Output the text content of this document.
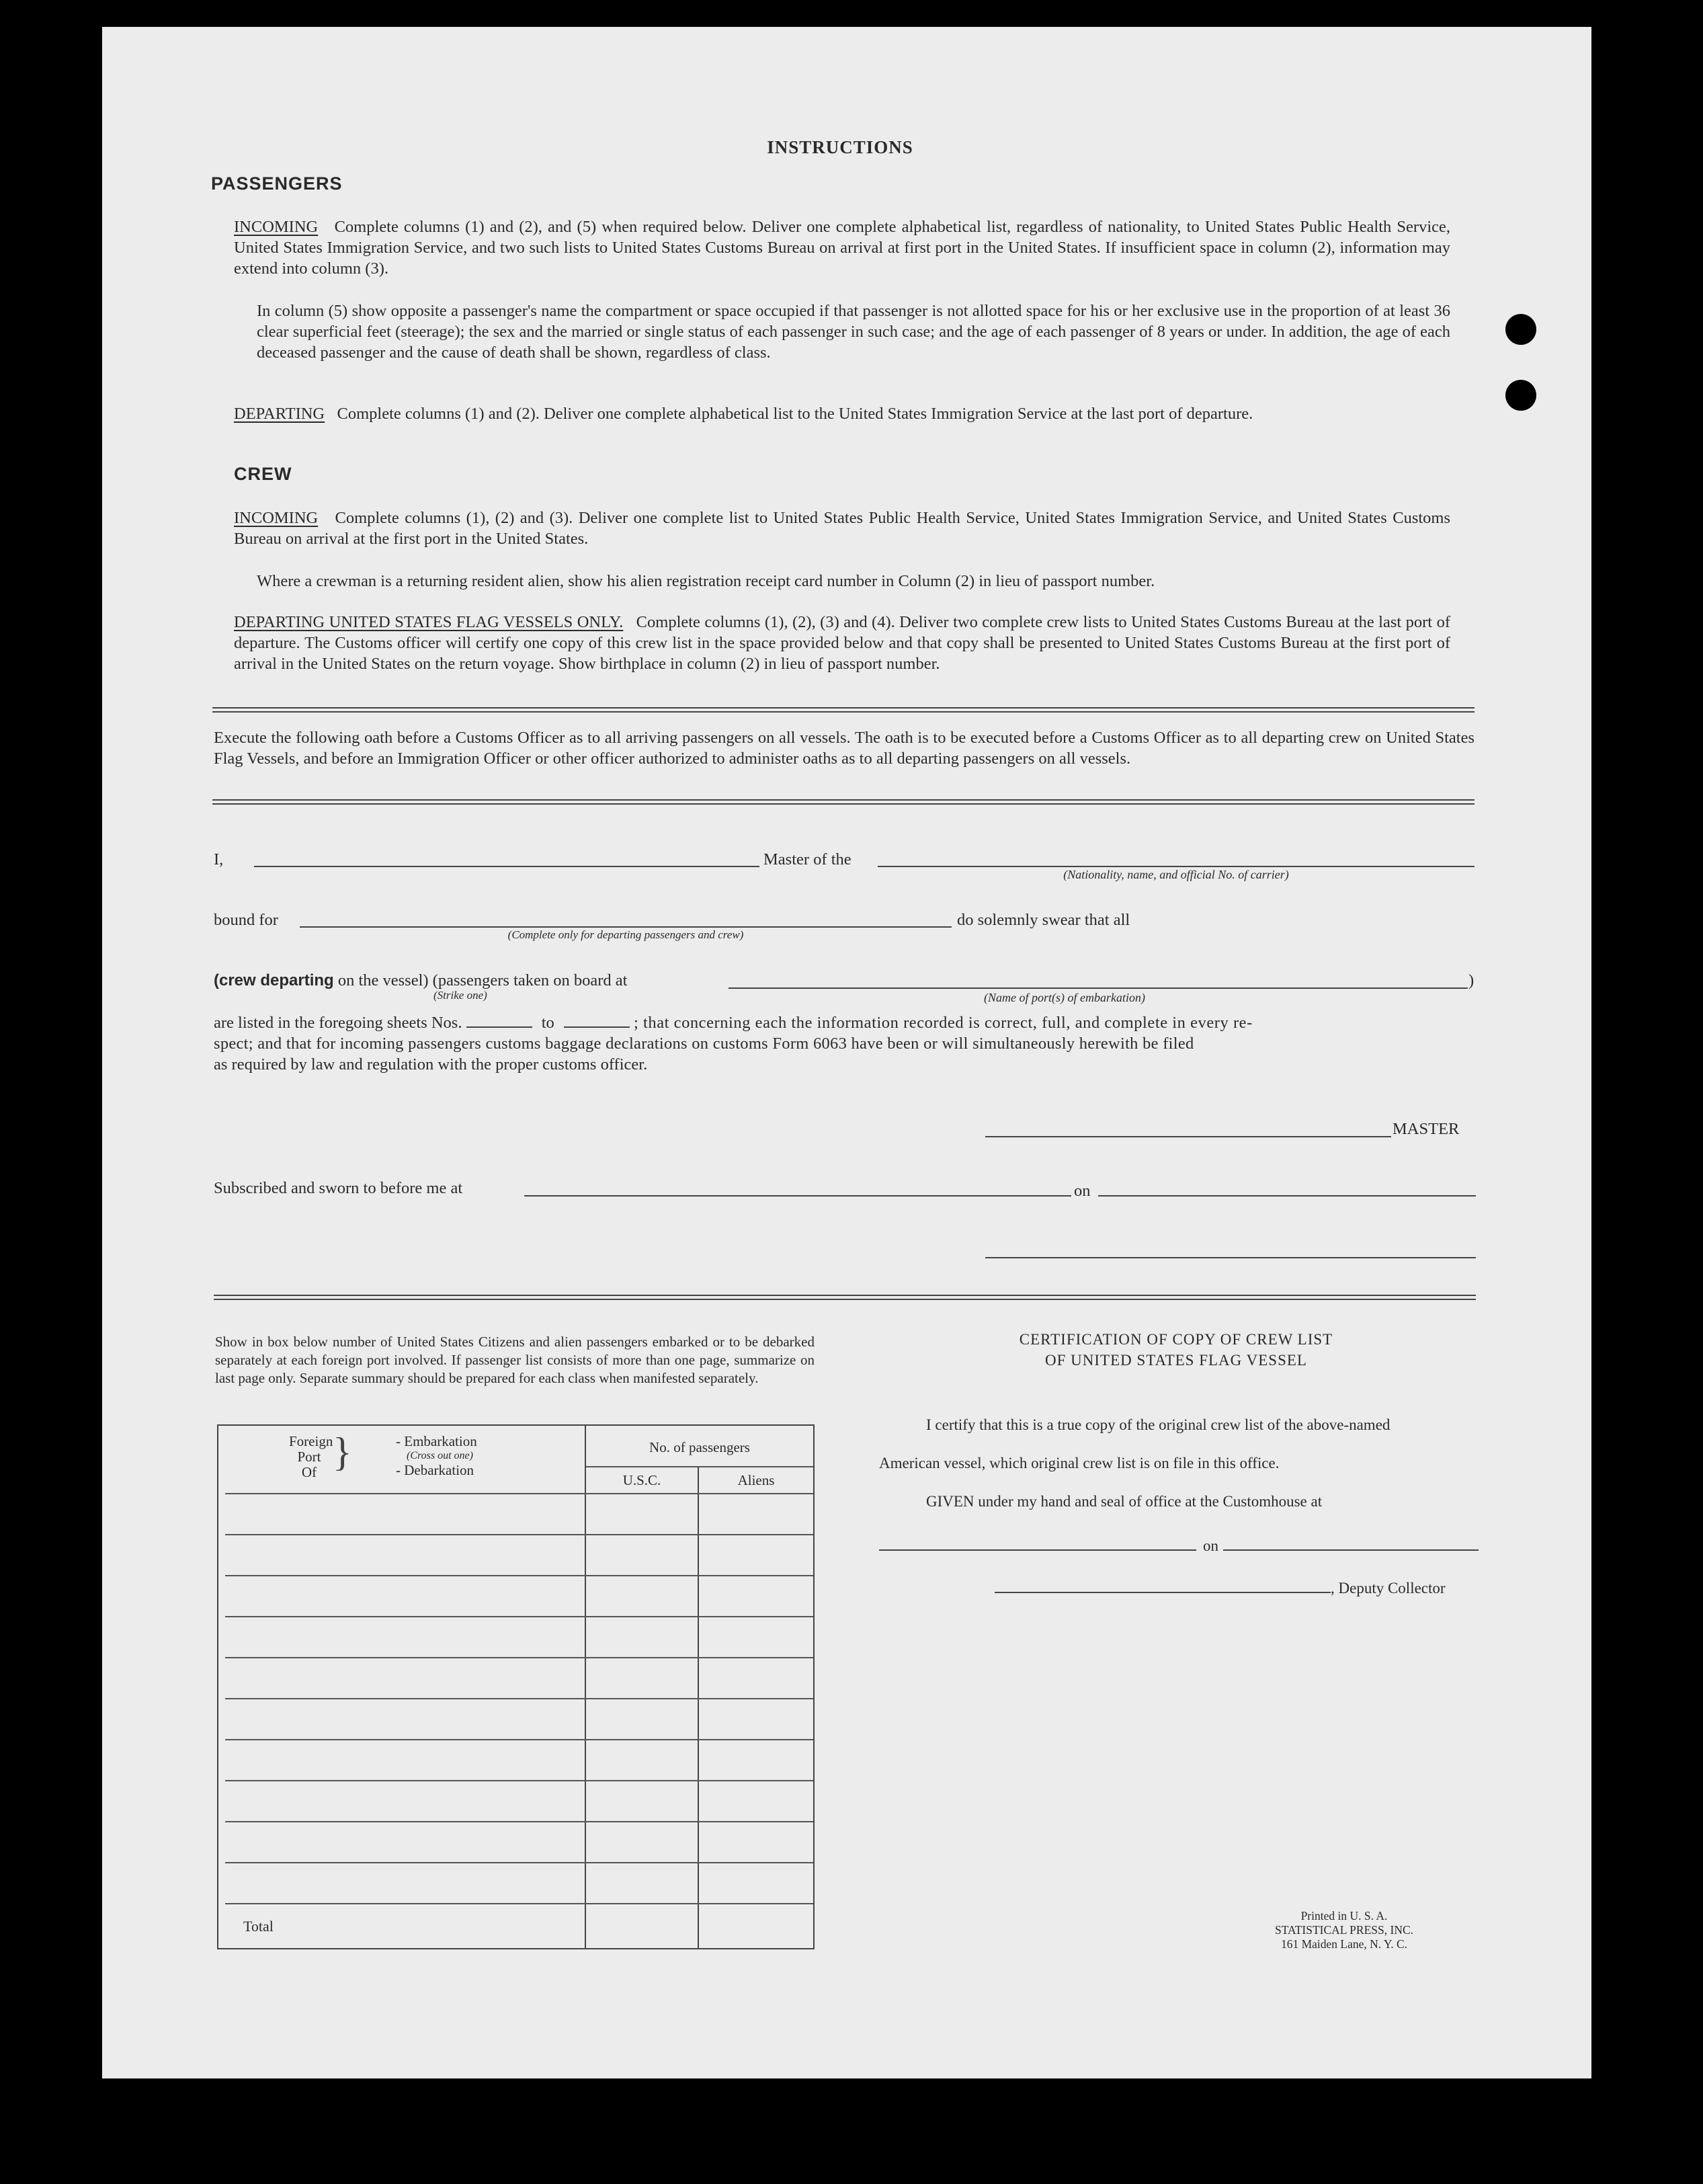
INSTRUCTIONS
PASSENGERS
INCOMING Complete columns (1) and (2), and (5) when required below. Deliver one complete alphabetical list, regardless of nationality, to United States Public Health Service, United States Immigration Service, and two such lists to United States Customs Bureau on arrival at first port in the United States. If insufficient space in column (2), information may extend into column (3).
In column (5) show opposite a passenger's name the compartment or space occupied if that passenger is not allotted space for his or her exclusive use in the proportion of at least 36 clear superficial feet (steerage); the sex and the married or single status of each passenger in such case; and the age of each passenger of 8 years or under. In addition, the age of each deceased passenger and the cause of death shall be shown, regardless of class.
DEPARTING Complete columns (1) and (2). Deliver one complete alphabetical list to the United States Immigration Service at the last port of departure.
CREW
INCOMING Complete columns (1), (2) and (3). Deliver one complete list to United States Public Health Service, United States Immigration Service, and United States Customs Bureau on arrival at the first port in the United States.
Where a crewman is a returning resident alien, show his alien registration receipt card number in Column (2) in lieu of passport number.
DEPARTING UNITED STATES FLAG VESSELS ONLY. Complete columns (1), (2), (3) and (4). Deliver two complete crew lists to United States Customs Bureau at the last port of departure. The Customs officer will certify one copy of this crew list in the space provided below and that copy shall be presented to United States Customs Bureau at the first port of arrival in the United States on the return voyage. Show birthplace in column (2) in lieu of passport number.
Execute the following oath before a Customs Officer as to all arriving passengers on all vessels. The oath is to be executed before a Customs Officer as to all departing crew on United States Flag Vessels, and before an Immigration Officer or other officer authorized to administer oaths as to all departing passengers on all vessels.
I,	Master of the
(Nationality, name, and official No. of carrier)
bound for
(Complete only for departing passengers and crew)
do solemnly swear that all
(crew departing on the vessel) (passengers taken on board at
(Strike one)	(Name of port(s) of embarkation)
)
are listed in the foregoing sheets Nos.	to	; that concerning each the information recorded is correct, full, and complete in every re-
spect; and that for incoming passengers customs baggage declarations on customs Form 6063 have been or will simultaneously herewith be filed
as required by law and regulation with the proper customs officer.
MASTER
Subscribed and sworn to before me at	on
Show in box below number of United States Citizens and alien passengers embarked or to be debarked separately at each foreign port involved. If passenger list consists of more than one page, summarize on last page only. Separate summary should be prepared for each class when manifested separately.
Foreign
Port
Of }	- Embarkation
(Cross out one)
- Debarkation
No. of passengers
U.S.C.	Aliens
Total
CERTIFICATION OF COPY OF CREW LIST
OF UNITED STATES FLAG VESSEL
I certify that this is a true copy of the original crew list of the above-named
American vessel, which original crew list is on file in this office.
GIVEN under my hand and seal of office at the Customhouse at
on
, Deputy Collector
Printed in U. S. A.
STATISTICAL PRESS, INC.
161 Maiden Lane, N. Y. C.
